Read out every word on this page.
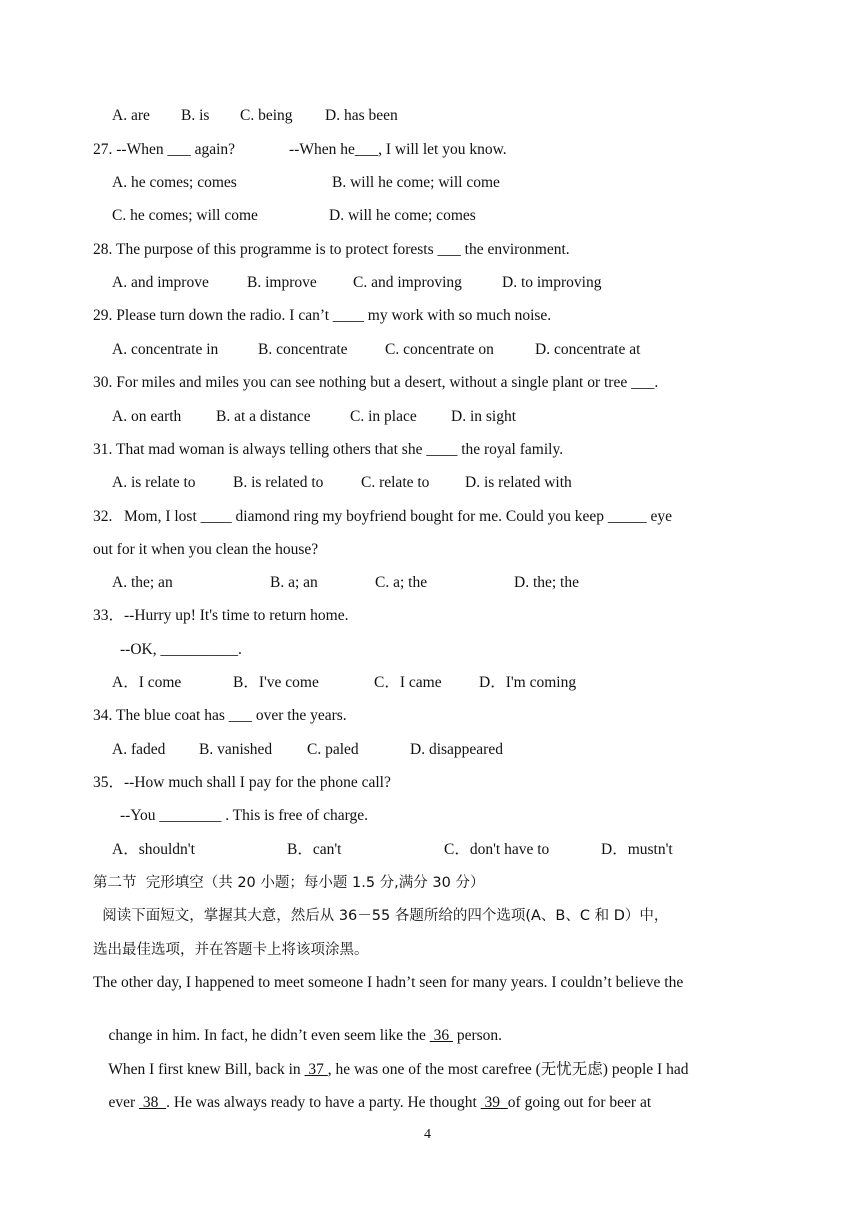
A. are B. is C. being D. has been
27. --When ___ again?	--When he___, I will let you know.
A. he comes; comes	B. will he come; will come
C. he comes; will come	D. will he come; comes
28. The purpose of this programme is to protect forests ___ the environment.
A. and improve B. improve C. and improving	D. to improving
29. Please turn down the radio. I can’t ____ my work with so much noise.
A. concentrate in	B. concentrate C. concentrate on	D. concentrate at
30. For miles and miles you can see nothing but a desert, without a single plant or tree ___.
A. on earth B. at a distance	C. in place D. in sight
31. That mad woman is always telling others that she ____ the royal family.
A. is relate to B. is related to C. relate to D. is related with
32.   Mom, I lost ____ diamond ring my boyfriend bought for me. Could you keep _____ eye
out for it when you clean the house?
A. the; an	B. a; an	C. a; the	D. the; the
33．--Hurry up! It's time to return home.
--OK, __________.
A．I come	B．I've come	C．I came D．I'm coming
34. The blue coat has ___ over the years.
A. faded B. vanished C. paled	D. disappeared
35．--How much shall I pay for the phone call?
--You ________ . This is free of charge.
A．shouldn't	B．can't	C．don't have to	D．mustn't
第二节  完形填空（共 20 小题；每小题 1.5 分,满分 30 分）
阅读下面短文，掌握其大意，然后从 36－55 各题所给的四个选项(A、B、C 和 D）中，
选出最佳选项，并在答题卡上将该项涂黑。
The other day, I happened to meet someone I hadn’t seen for many years. I couldn’t believe the

change in him. In fact, he didn’t even seem like the  36  person.

When I first knew Bill, back in  37 , he was one of the most carefree (无忧无虑) people I had

ever  38  . He was always ready to have a party. He thought  39  of going out for beer at

4
